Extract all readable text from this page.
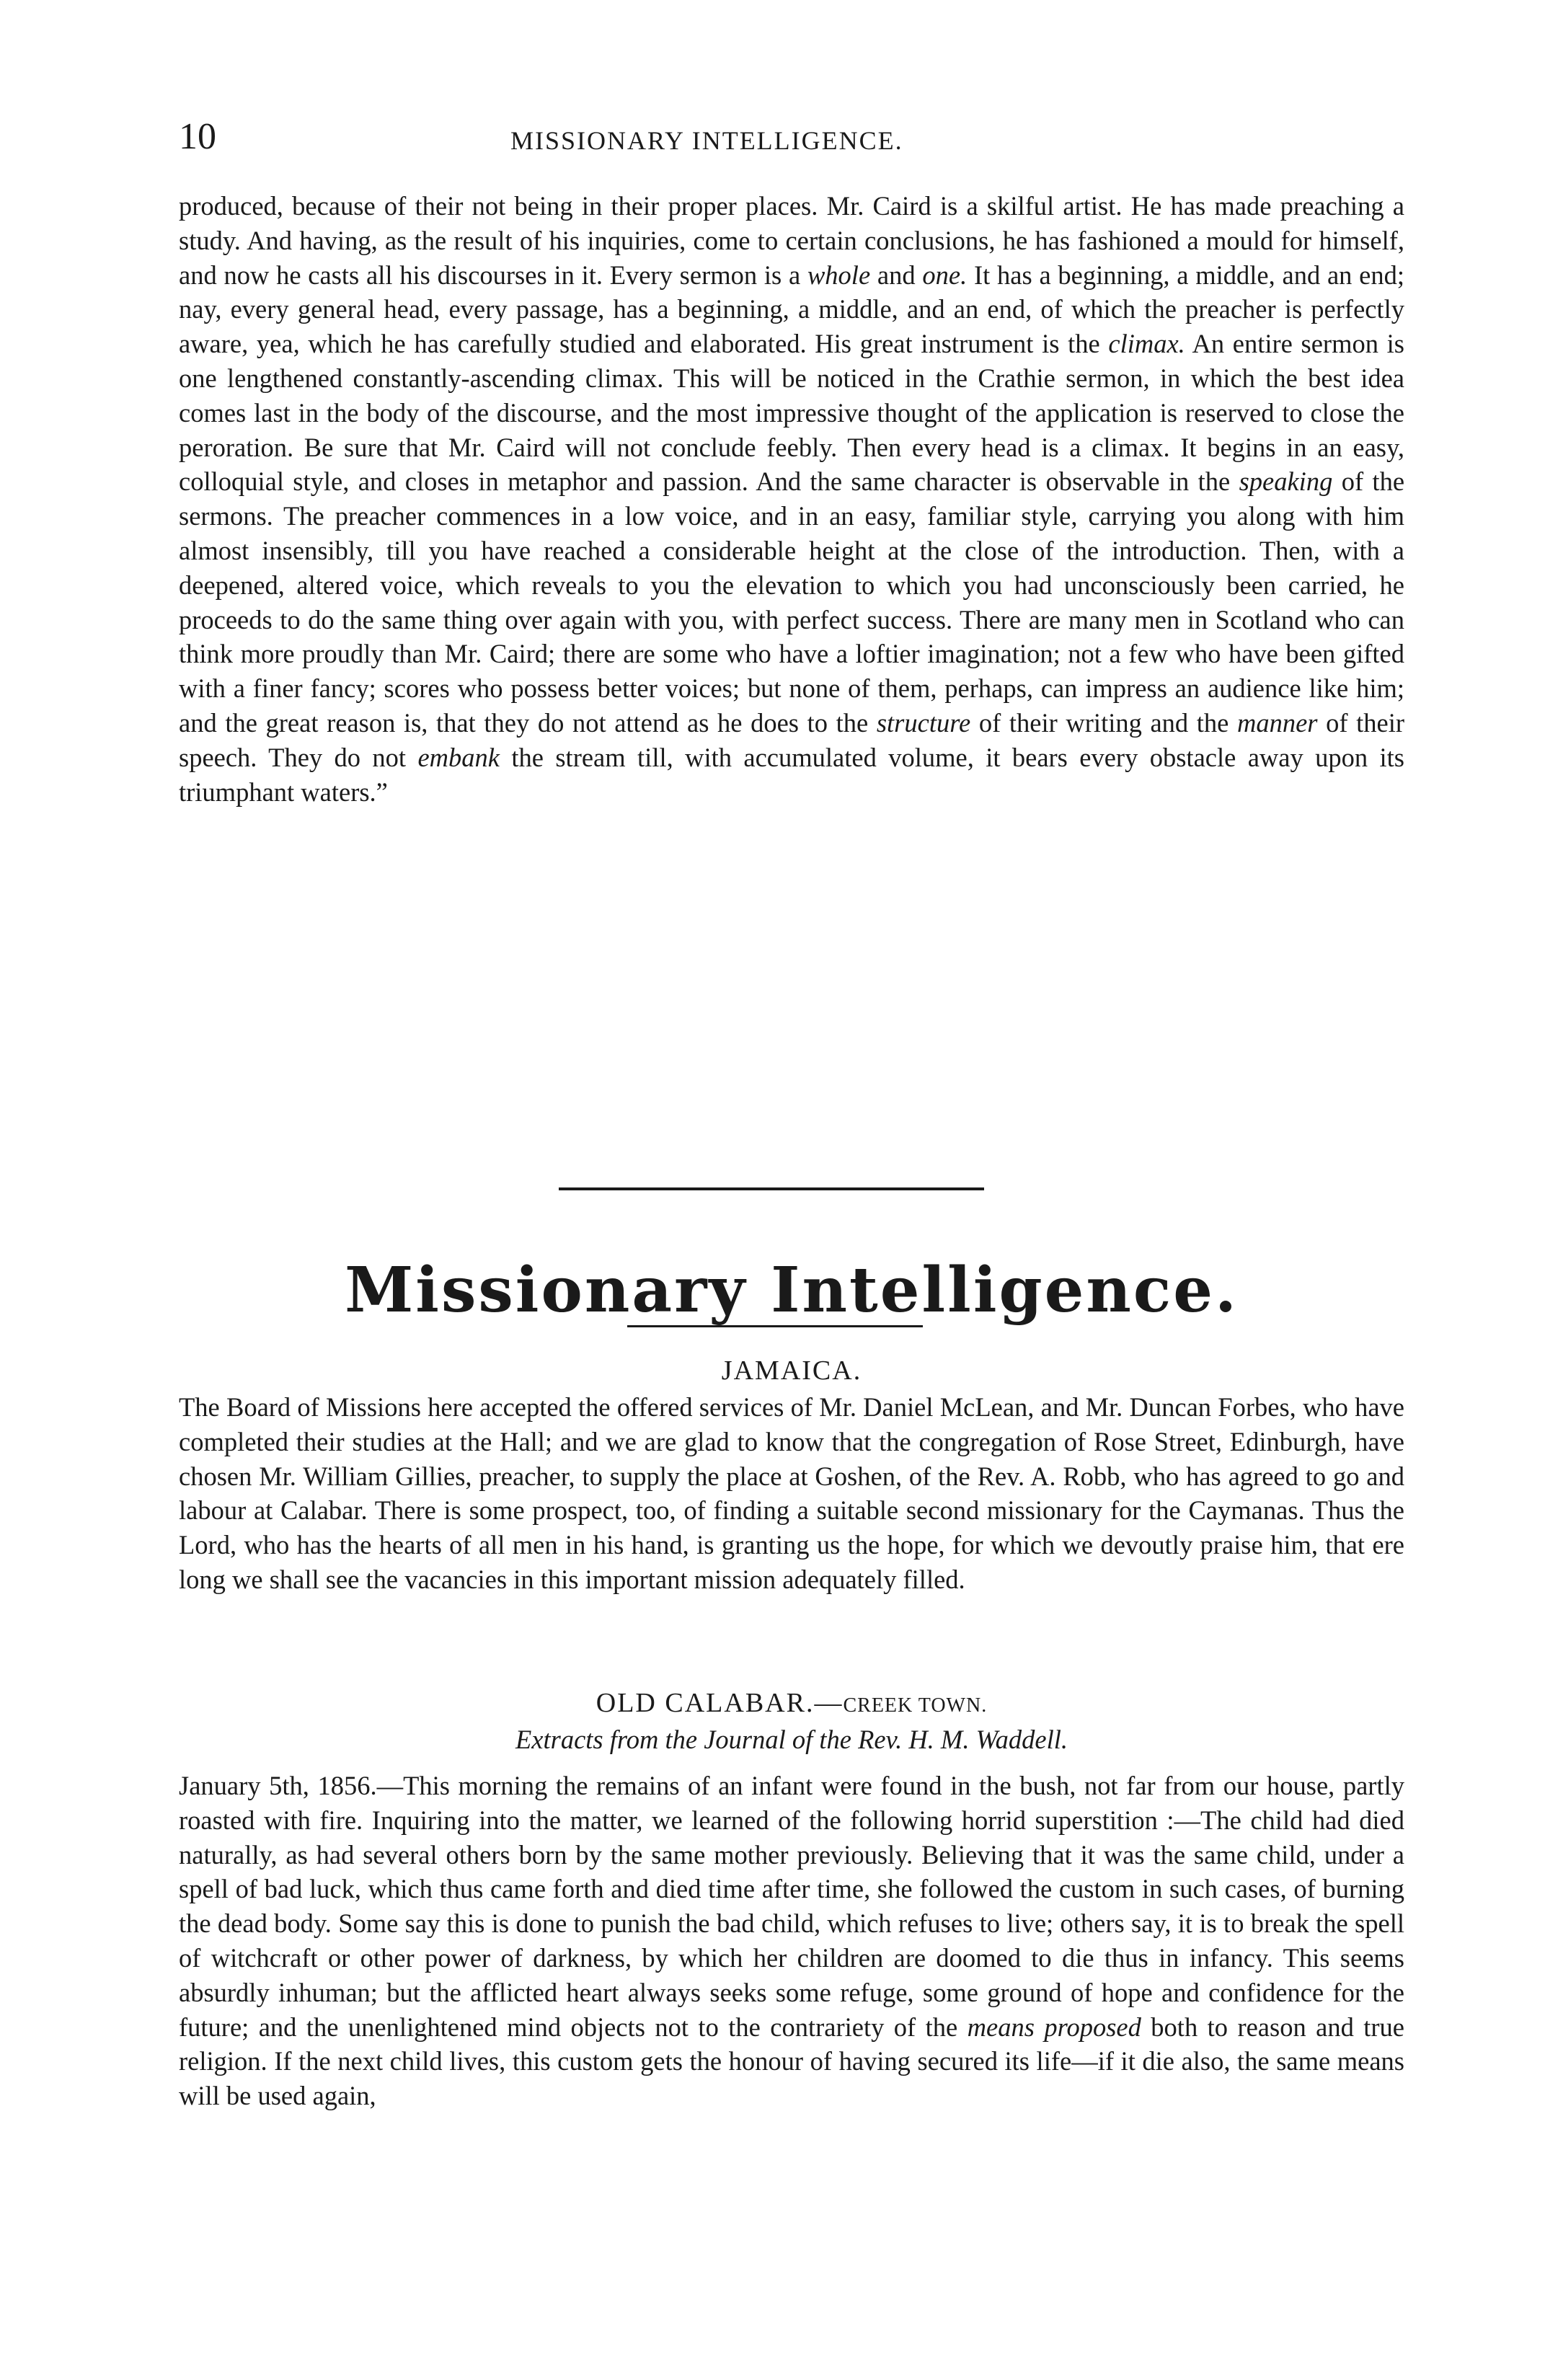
10	MISSIONARY INTELLIGENCE.
produced, because of their not being in their proper places. Mr. Caird is a skilful artist. He has made preaching a study. And having, as the result of his inquiries, come to certain conclusions, he has fashioned a mould for himself, and now he casts all his discourses in it. Every sermon is a whole and one. It has a beginning, a middle, and an end; nay, every general head, every passage, has a beginning, a middle, and an end, of which the preacher is perfectly aware, yea, which he has carefully studied and elaborated. His great instrument is the climax. An entire sermon is one lengthened constantly-ascending climax. This will be noticed in the Crathie sermon, in which the best idea comes last in the body of the discourse, and the most impressive thought of the application is reserved to close the peroration. Be sure that Mr. Caird will not conclude feebly. Then every head is a climax. It begins in an easy, colloquial style, and closes in metaphor and passion. And the same character is observable in the speaking of the sermons. The preacher commences in a low voice, and in an easy, familiar style, carrying you along with him almost insensibly, till you have reached a considerable height at the close of the introduction. Then, with a deepened, altered voice, which reveals to you the elevation to which you had unconsciously been carried, he proceeds to do the same thing over again with you, with perfect success. There are many men in Scotland who can think more proudly than Mr. Caird; there are some who have a loftier imagination; not a few who have been gifted with a finer fancy; scores who possess better voices; but none of them, perhaps, can impress an audience like him; and the great reason is, that they do not attend as he does to the structure of their writing and the manner of their speech. They do not embank the stream till, with accumulated volume, it bears every obstacle away upon its triumphant waters.”
Missionary Intelligence.
JAMAICA.
The Board of Missions here accepted the offered services of Mr. Daniel McLean, and Mr. Duncan Forbes, who have completed their studies at the Hall; and we are glad to know that the congregation of Rose Street, Edinburgh, have chosen Mr. William Gillies, preacher, to supply the place at Goshen, of the Rev. A. Robb, who has agreed to go and labour at Calabar. There is some prospect, too, of finding a suitable second missionary for the Caymanas. Thus the Lord, who has the hearts of all men in his hand, is granting us the hope, for which we devoutly praise him, that ere long we shall see the vacancies in this important mission adequately filled.
OLD CALABAR.—CREEK TOWN.
Extracts from the Journal of the Rev. H. M. Waddell.
January 5th, 1856.—This morning the remains of an infant were found in the bush, not far from our house, partly roasted with fire. Inquiring into the matter, we learned of the following horrid superstition :—The child had died naturally, as had several others born by the same mother previously. Believing that it was the same child, under a spell of bad luck, which thus came forth and died time after time, she followed the custom in such cases, of burning the dead body. Some say this is done to punish the bad child, which refuses to live; others say, it is to break the spell of witchcraft or other power of darkness, by which her children are doomed to die thus in infancy. This seems absurdly inhuman; but the afflicted heart always seeks some refuge, some ground of hope and confidence for the future; and the unenlightened mind objects not to the contrariety of the means proposed both to reason and true religion. If the next child lives, this custom gets the honour of having secured its life—if it die also, the same means will be used again,
